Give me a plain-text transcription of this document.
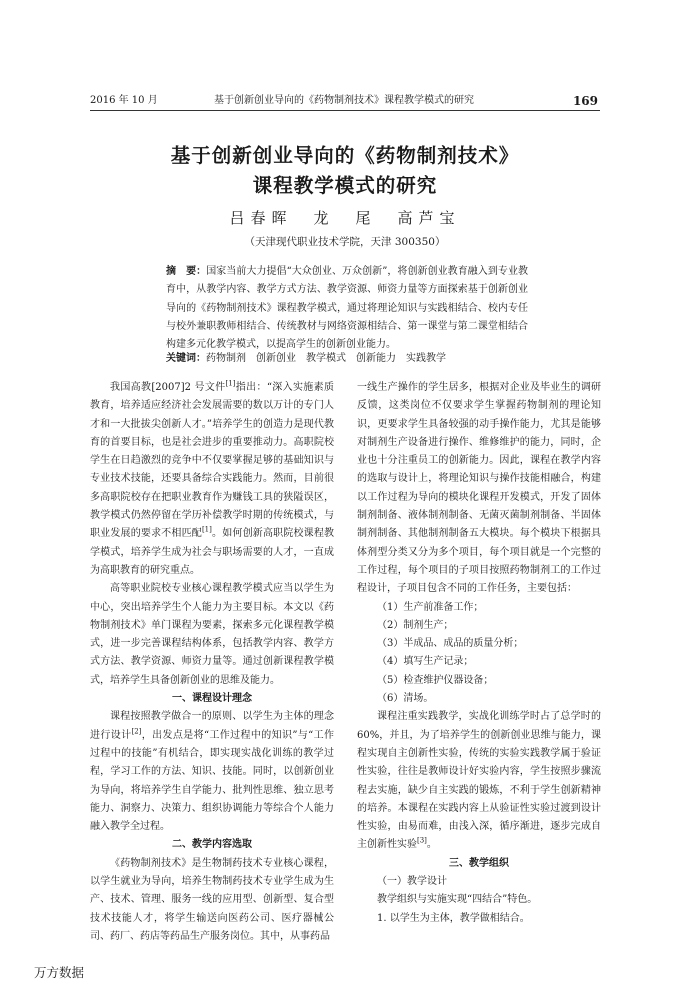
2016 年 10 月	基于创新创业导向的《药物制剂技术》课程教学模式的研究	169
基于创新创业导向的《药物制剂技术》
课程教学模式的研究
吕春晖　龙　尾　高芦宝
（天津现代职业技术学院，天津 300350）
摘　要：国家当前大力提倡“大众创业、万众创新”，将创新创业教育融入到专业教育中，从教学内容、教学方式方法、教学资源、师资力量等方面探索基于创新创业导向的《药物制剂技术》课程教学模式，通过将理论知识与实践相结合、校内专任与校外兼职教师相结合、传统教材与网络资源相结合、第一课堂与第二课堂相结合构建多元化教学模式，以提高学生的创新创业能力。
关键词：药物制剂　创新创业　教学模式　创新能力　实践教学

我国高教[2007]2 号文件[1]指出：“深入实施素质教育，培养适应经济社会发展需要的数以万计的专门人才和一大批拔尖创新人才。”培养学生的创造力是现代教育的首要目标，也是社会进步的重要推动力。高职院校学生在日趋激烈的竞争中不仅要掌握足够的基础知识与专业技术技能，还要具备综合实践能力。然而，目前很多高职院校存在把职业教育作为赚钱工具的狭隘误区，教学模式仍然停留在学历补偿教学时期的传统模式，与职业发展的要求不相匹配[1]。如何创新高职院校课程教学模式，培养学生成为社会与职场需要的人才，一直成为高职教育的研究重点。

高等职业院校专业核心课程教学模式应当以学生为中心，突出培养学生个人能力为主要目标。本文以《药物制剂技术》单门课程为要素，探索多元化课程教学模式，进一步完善课程结构体系，包括教学内容、教学方式方法、教学资源、师资力量等。通过创新课程教学模式，培养学生具备创新创业的思维及能力。

一、课程设计理念

课程按照教学做合一的原则、以学生为主体的理念进行设计[2]，出发点是将“工作过程中的知识”与“工作过程中的技能”有机结合，即实现实战化训练的教学过程，学习工作的方法、知识、技能。同时，以创新创业为导向，将培养学生自学能力、批判性思维、独立思考能力、洞察力、决策力、组织协调能力等综合个人能力融入教学全过程。

二、教学内容选取

《药物制剂技术》是生物制药技术专业核心课程，以学生就业为导向，培养生物制药技术专业学生成为生产、技术、管理、服务一线的应用型、创新型、复合型技术技能人才，将学生输送向医药公司、医疗器械公司、药厂、药店等药品生产服务岗位。其中，从事药品

一线生产操作的学生居多，根据对企业及毕业生的调研反馈，这类岗位不仅要求学生掌握药物制剂的理论知识，更要求学生具备较强的动手操作能力，尤其是能够对制剂生产设备进行操作、维修维护的能力，同时，企业也十分注重员工的创新能力。因此，课程在教学内容的选取与设计上，将理论知识与操作技能相融合，构建以工作过程为导向的模块化课程开发模式，开发了固体制剂制备、液体制剂制备、无菌灭菌制剂制备、半固体制剂制备、其他制剂制备五大模块。每个模块下根据具体剂型分类又分为多个项目，每个项目就是一个完整的工作过程，每个项目的子项目按照药物制剂工的工作过程设计，子项目包含不同的工作任务，主要包括：

（1）生产前准备工作；

（2）制剂生产；

（3）半成品、成品的质量分析；

（4）填写生产记录；

（5）检查维护仪器设备；

（6）清场。

课程注重实践教学，实战化训练学时占了总学时的 60%，并且，为了培养学生的创新创业思维与能力，课程实现自主创新性实验，传统的实验实践教学属于验证性实验，往往是教师设计好实验内容，学生按照步骤流程去实施，缺少自主实践的锻炼，不利于学生创新精神的培养。本课程在实践内容上从验证性实验过渡到设计性实验，由易而难，由浅入深，循序渐进，逐步完成自主创新性实验[3]。

三、教学组织
（一）教学设计

教学组织与实施实现“四结合”特色。

1. 以学生为主体，教学做相结合。

万方数据
